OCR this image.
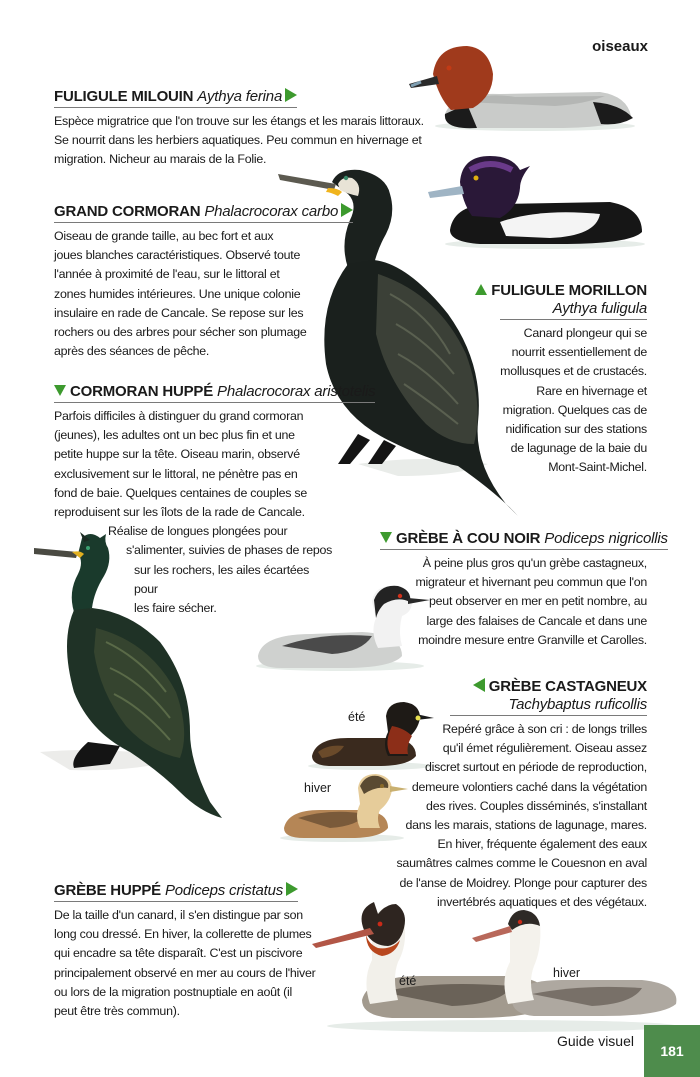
oiseaux
FULIGULE MILOUIN Aythya ferina
Espèce migratrice que l'on trouve sur les étangs et les marais littoraux.
Se nourrit dans les herbiers aquatiques. Peu commun en hivernage et
migration. Nicheur au marais de la Folie.
GRAND CORMORAN Phalacrocorax carbo
Oiseau de grande taille, au bec fort et aux
joues blanches caractéristiques. Observé toute
l'année à proximité de l'eau, sur le littoral et
zones humides intérieures. Une unique colonie
insulaire en rade de Cancale. Se repose sur les
rochers ou des arbres pour sécher son plumage
après des séances de pêche.
CORMORAN HUPPÉ Phalacrocorax aristotelis
Parfois difficiles à distinguer du grand cormoran
(jeunes), les adultes ont un bec plus fin et une
petite huppe sur la tête. Oiseau marin, observé
exclusivement sur le littoral, ne pénètre pas en
fond de baie. Quelques centaines de couples se
reproduisent sur les îlots de la rade de Cancale.
Réalise de longues plongées pour
s'alimenter, suivies de phases de repos
sur les rochers, les ailes écartées pour
les faire sécher.
FULIGULE MORILLON
Aythya fuligula
Canard plongeur qui se
nourrit essentiellement de
mollusques et de crustacés.
Rare en hivernage et
migration. Quelques cas de
nidification sur des stations
de lagunage de la baie du
Mont-Saint-Michel.
GRÈBE À COU NOIR Podiceps nigricollis
À peine plus gros qu'un grèbe castagneux,
migrateur et hivernant peu commun que l'on
peut observer en mer en petit nombre, au
large des falaises de Cancale et dans une
moindre mesure entre Granville et Carolles.
GRÈBE CASTAGNEUX
Tachybaptus ruficollis
Repéré grâce à son cri : de longs trilles
qu'il émet régulièrement. Oiseau assez
discret surtout en période de reproduction,
demeure volontiers caché dans la végétation
des rives. Couples disséminés, s'installant
dans les marais, stations de lagunage, mares.
En hiver, fréquente également des eaux
saumâtres calmes comme le Couesnon en aval
de l'anse de Moidrey. Plonge pour capturer des
invertébrés aquatiques et des végétaux.
GRÈBE HUPPÉ Podiceps cristatus
De la taille d'un canard, il s'en distingue par son
long cou dressé. En hiver, la collerette de plumes
qui encadre sa tête disparaît. C'est un piscivore
principalement observé en mer au cours de l'hiver
ou lors de la migration postnuptiale en août (il
peut être très commun).
été
hiver
été
hiver
Guide visuel
181
